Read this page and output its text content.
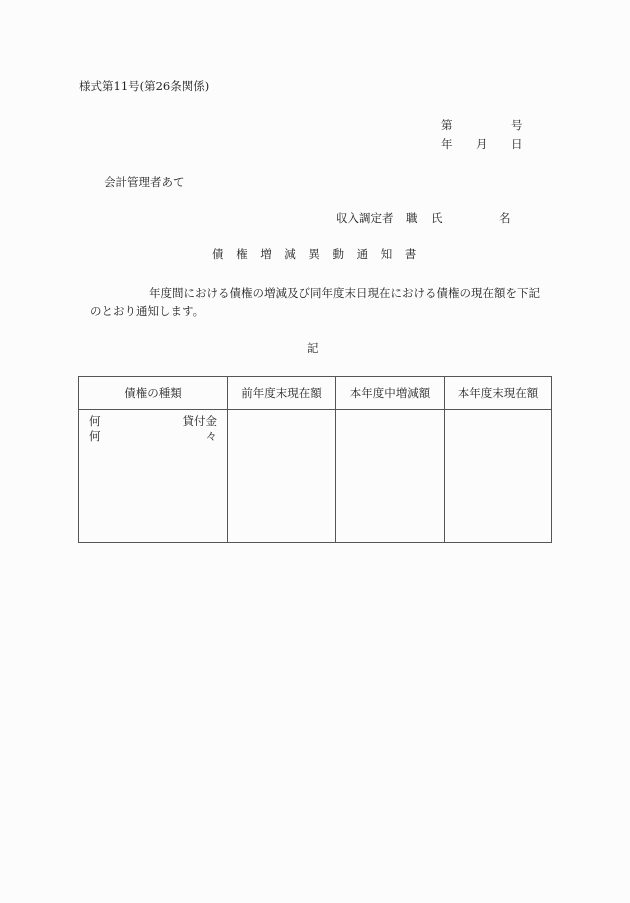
様式第11号(第26条関係)
第	号
年 月 日
会計管理者あて
収入調定者 職 氏	名
債権増減異動通知書
年度間における債権の増減及び同年度末日現在における債権の現在額を下記
のとおり通知します。
記
債権の種類	前年度末現在額	本年度中増減額	本年度末現在額

何 貸付金
何 々			
